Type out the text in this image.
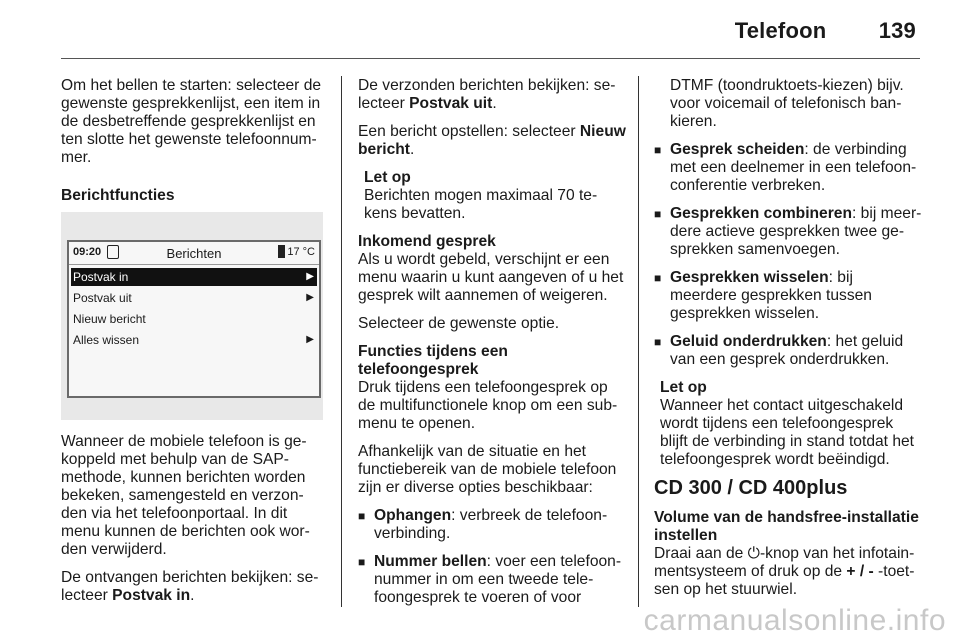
Telefoon 139

Om het bellen te starten: selecteer de gewenste gesprekkenlijst, een item in de desbetreffende gesprekkenlijst en ten slotte het gewenste telefoonnum-mer.

Berichtfuncties

09:20	Berichten	17 °C
Postvak in	▶
Postvak uit	▶
Nieuw bericht
Alles wissen	▶

Wanneer de mobiele telefoon is ge-koppeld met behulp van de SAP-methode, kunnen berichten worden bekeken, samengesteld en verzon-den via het telefoonportaal. In dit menu kunnen de berichten ook wor-den verwijderd.

De ontvangen berichten bekijken: se-lecteer Postvak in.

De verzonden berichten bekijken: se-lecteer Postvak uit.

Een bericht opstellen: selecteer Nieuw bericht.

Let op
Berichten mogen maximaal 70 te-kens bevatten.
Inkomend gesprek

Als u wordt gebeld, verschijnt er een menu waarin u kunt aangeven of u het gesprek wilt aannemen of weigeren.

Selecteer de gewenste optie.

Functies tijdens een telefoongesprek

Druk tijdens een telefoongesprek op de multifunctionele knop om een sub-menu te openen.

Afhankelijk van de situatie en het functiebereik van de mobiele telefoon zijn er diverse opties beschikbaar:

■ Ophangen: verbreek de telefoon-verbinding.
■ Nummer bellen: voer een telefoon-nummer in om een tweede tele-foongesprek te voeren of voor

DTMF (toondruktoets-kiezen) bijv. voor voicemail of telefonisch ban-kieren.

■ Gesprek scheiden: de verbinding met een deelnemer in een telefoon-conferentie verbreken.
■ Gesprekken combineren: bij meer-dere actieve gesprekken twee ge-sprekken samenvoegen.
■ Gesprekken wisselen: bij meerdere gesprekken tussen gesprekken wisselen.
■ Geluid onderdrukken: het geluid van een gesprek onderdrukken.
Let op
Wanneer het contact uitgeschakeld wordt tijdens een telefoongesprek blijft de verbinding in stand totdat het telefoongesprek wordt beëindigd.
CD 300 / CD 400plus
Volume van de handsfree-installatie instellen

Draai aan de ⏻-knop van het infotain-mentsysteem of druk op de + / - -toet-sen op het stuurwiel.

carmanualsonline.info
